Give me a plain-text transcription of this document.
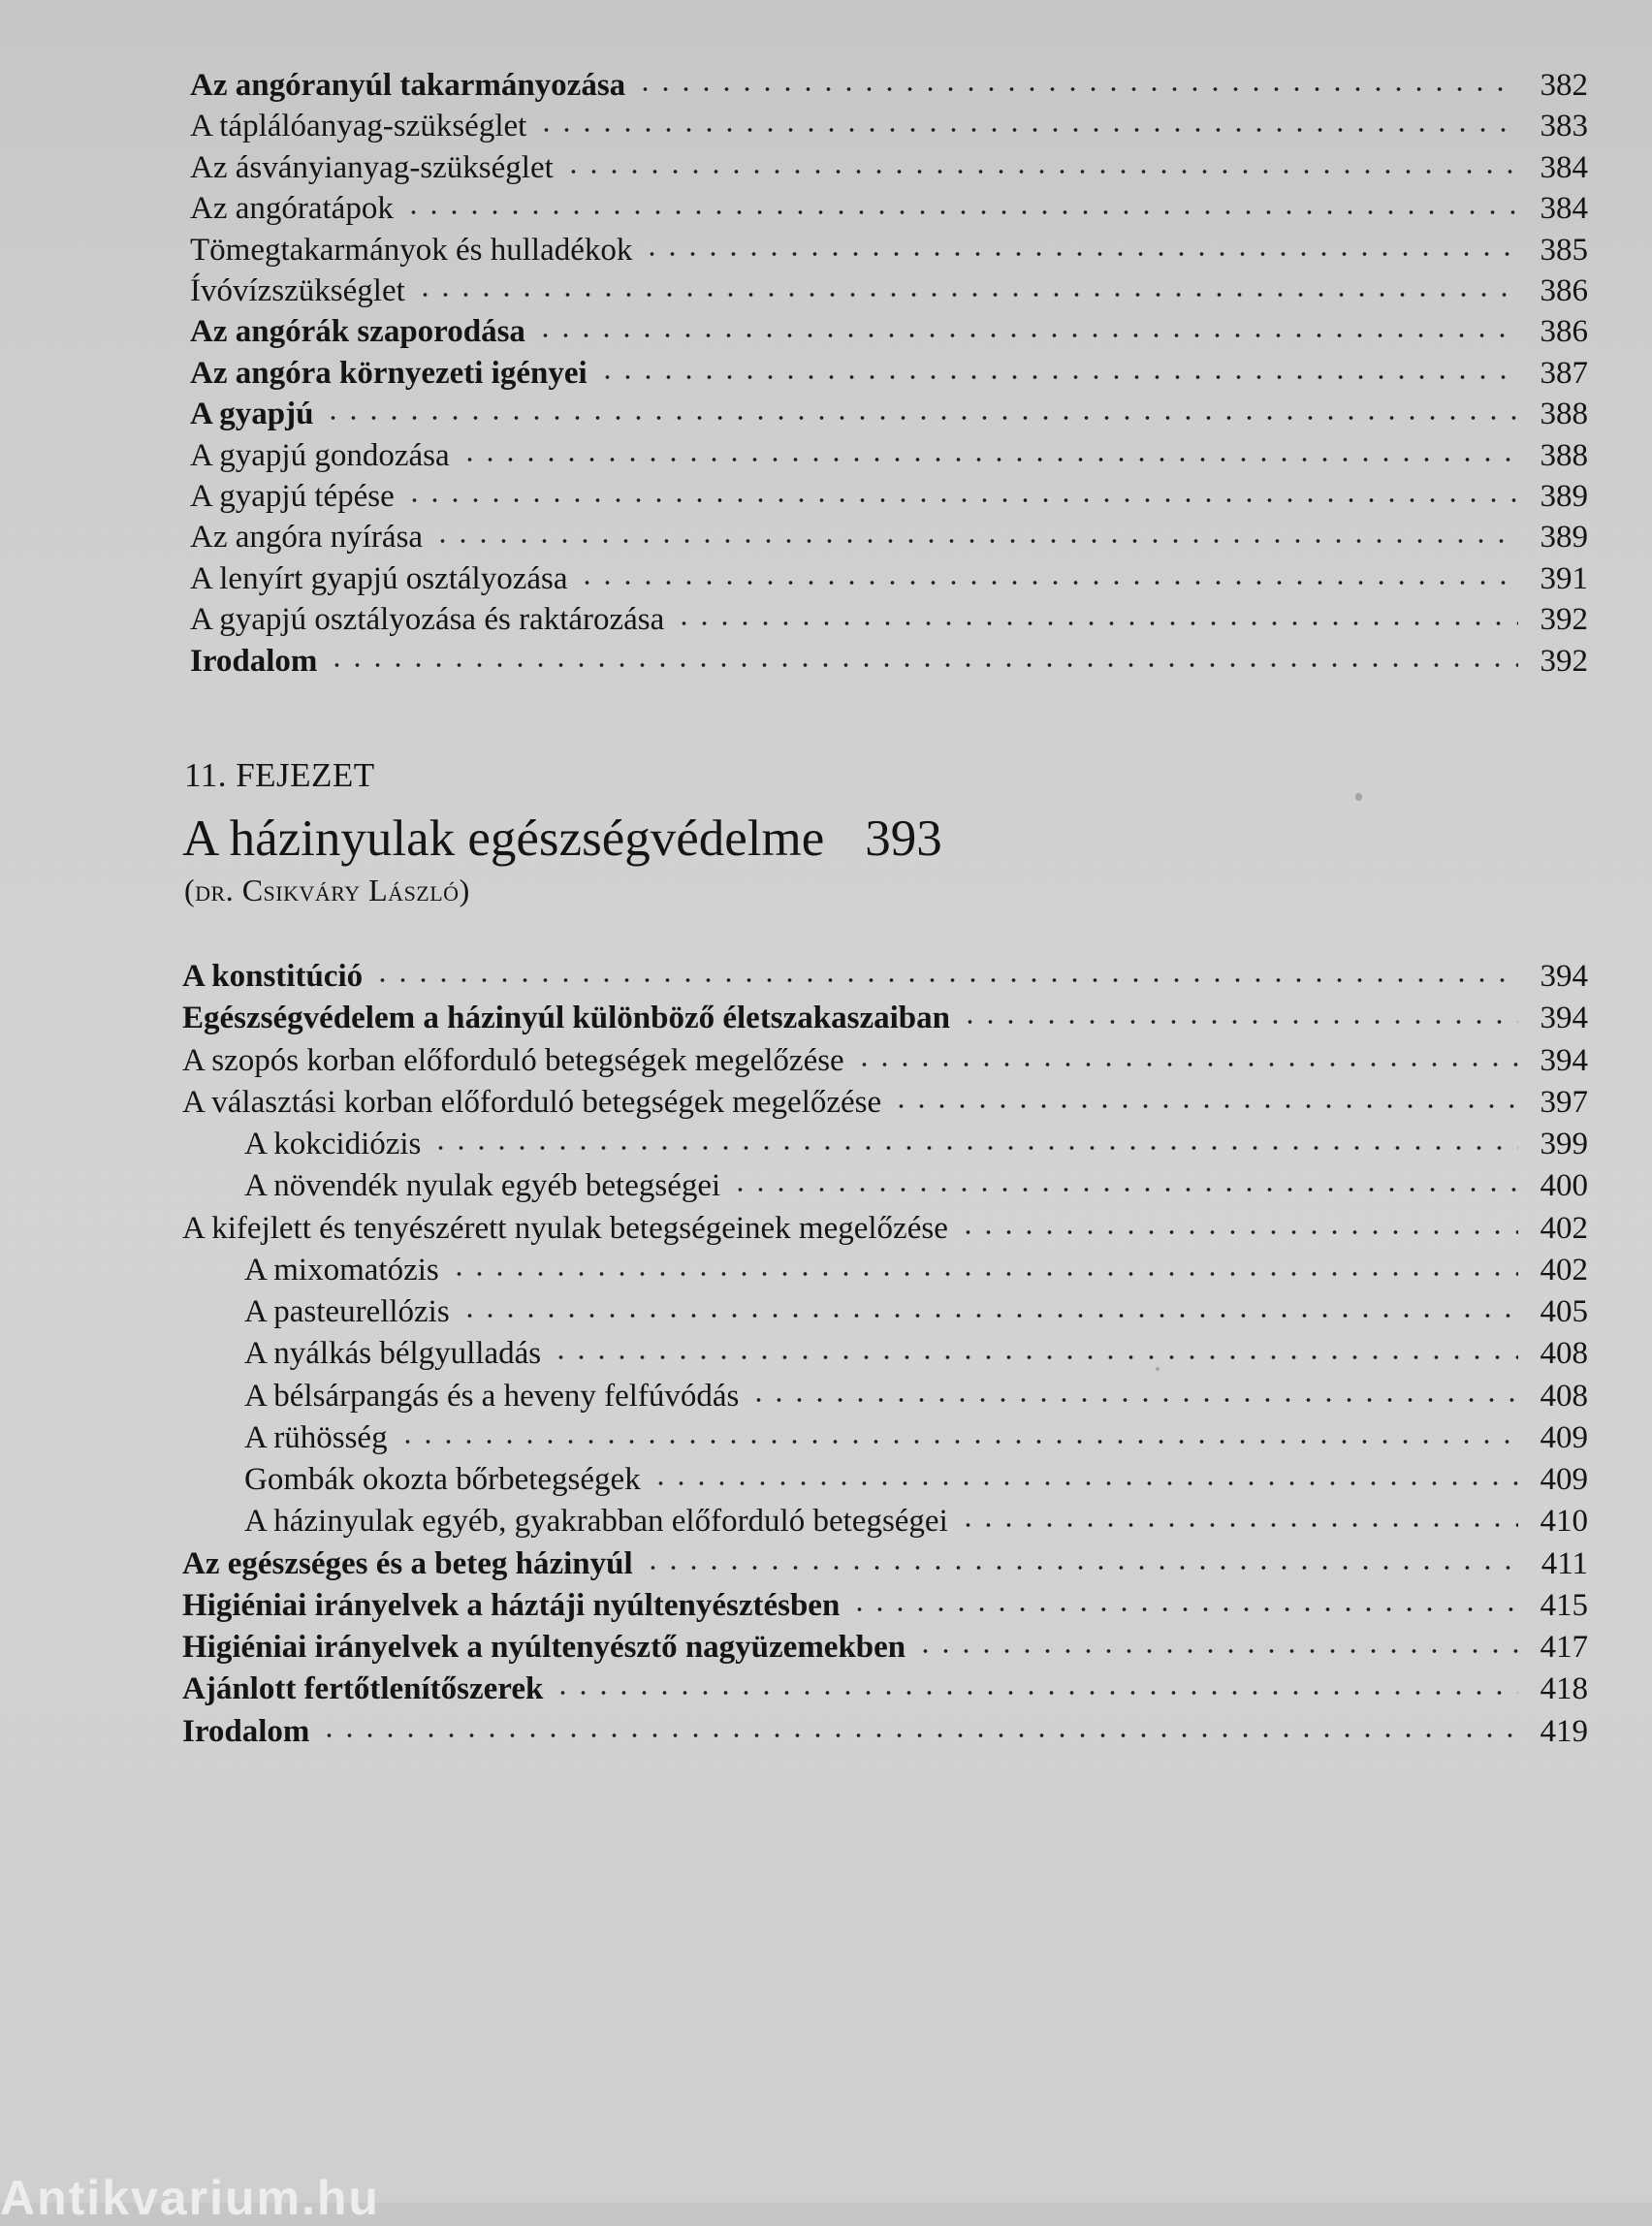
Az angóranyúl takarmányozása	382
A táplálóanyag-szükséglet	383
Az ásványianyag-szükséglet	384
Az angóratápok	384
Tömegtakarmányok és hulladékok	385
Ívóvízszükséglet	386
Az angórák szaporodása	386
Az angóra környezeti igényei	387
A gyapjú	388
A gyapjú gondozása	388
A gyapjú tépése	389
Az angóra nyírása	389
A lenyírt gyapjú osztályozása	391
A gyapjú osztályozása és raktározása	392
Irodalom	392
11. FEJEZET
A házinyulak egészségvédelme 393
(dr. Csikváry László)
A konstitúció	394
Egészségvédelem a házinyúl különböző életszakaszaiban	394
A szopós korban előforduló betegségek megelőzése	394
A választási korban előforduló betegségek megelőzése	397
A kokcidiózis	399
A növendék nyulak egyéb betegségei	400
A kifejlett és tenyészérett nyulak betegségeinek megelőzése	402
A mixomatózis	402
A pasteurellózis	405
A nyálkás bélgyulladás	408
A bélsárpangás és a heveny felfúvódás	408
A rühösség	409
Gombák okozta bőrbetegségek	409
A házinyulak egyéb, gyakrabban előforduló betegségei	410
Az egészséges és a beteg házinyúl	411
Higiéniai irányelvek a háztáji nyúltenyésztésben	415
Higiéniai irányelvek a nyúltenyésztő nagyüzemekben	417
Ajánlott fertőtlenítőszerek	418
Irodalom	419
Antikvarium.hu
